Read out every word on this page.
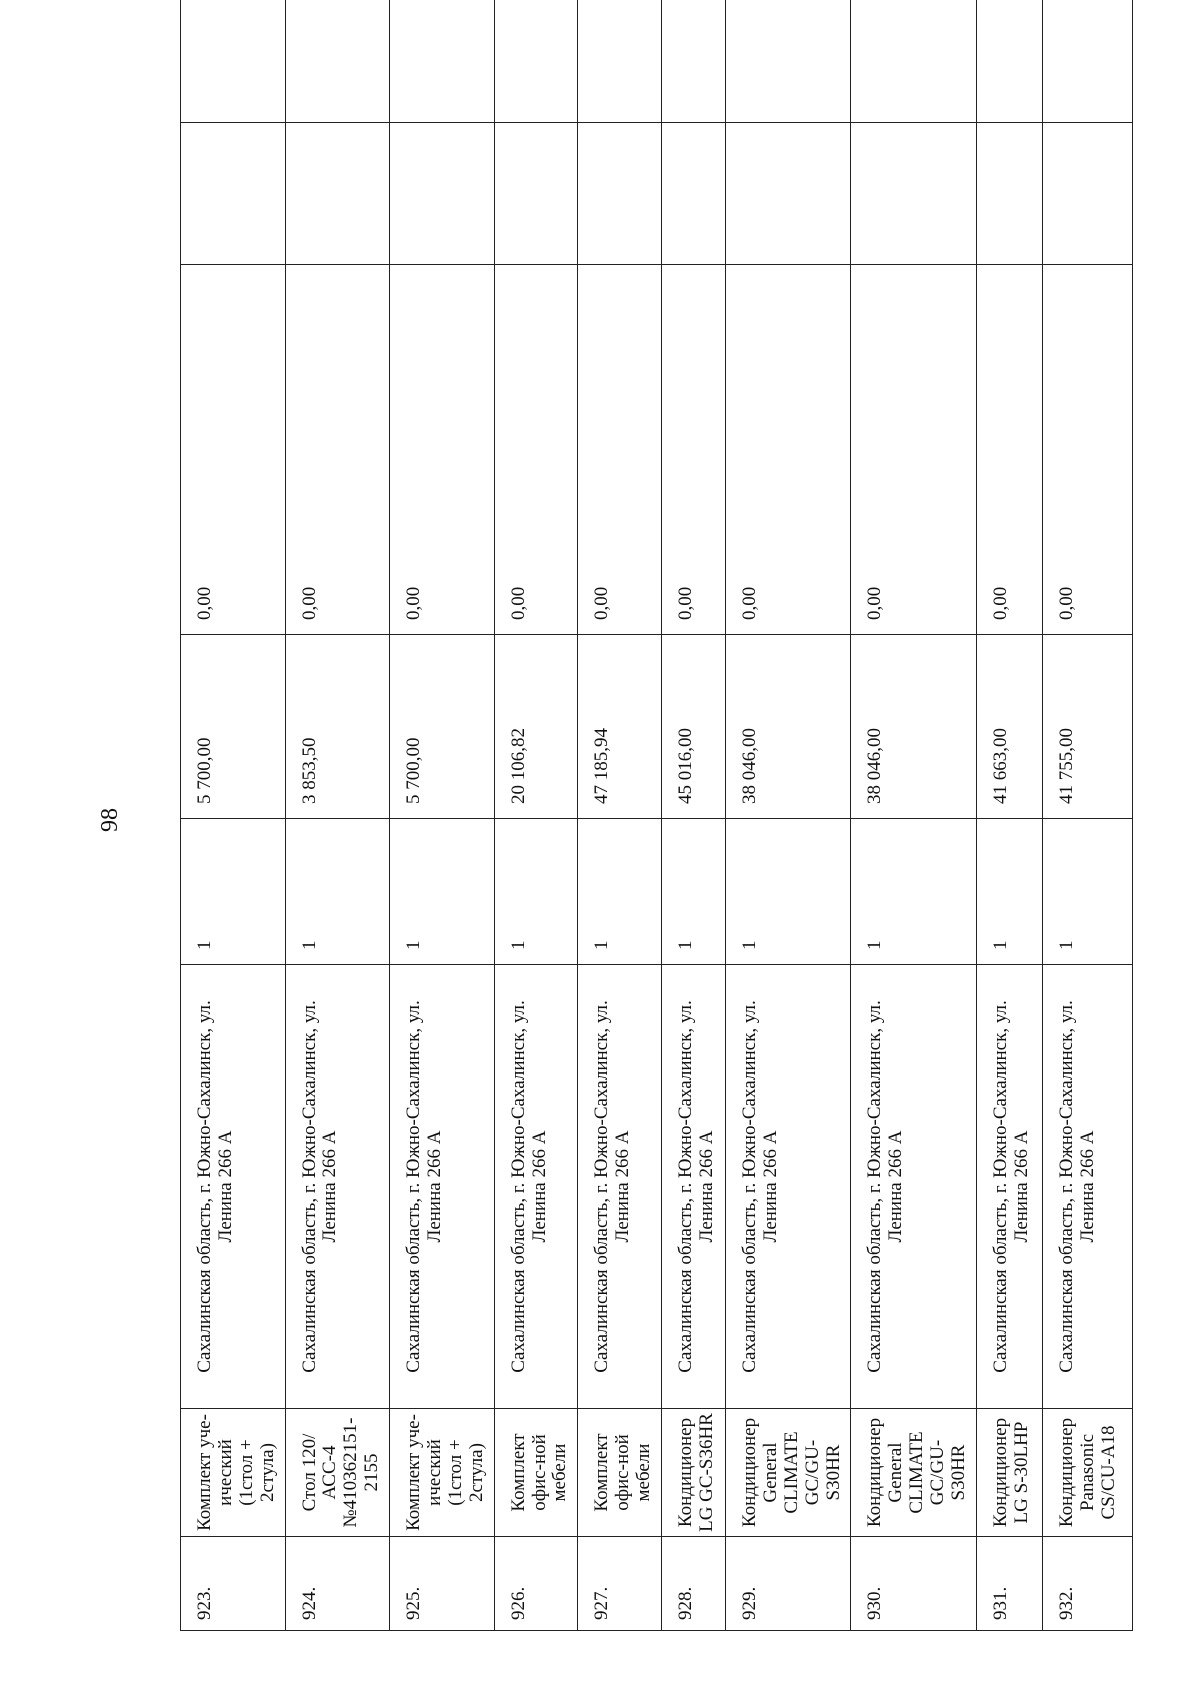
98
923.	Комплект уче-ический (1стол + 2стула)	Сахалинская область, г. Южно-Сахалинск, ул. Ленина 266 А	1	5 700,00	0,00		
924.	Стол 120/АСС-4 №410362151-2155	Сахалинская область, г. Южно-Сахалинск, ул. Ленина 266 А	1	3 853,50	0,00		
925.	Комплект уче-ический (1стол + 2стула)	Сахалинская область, г. Южно-Сахалинск, ул. Ленина 266 А	1	5 700,00	0,00		
926.	Комплект офис-ной мебели	Сахалинская область, г. Южно-Сахалинск, ул. Ленина 266 А	1	20 106,82	0,00		
927.	Комплект офис-ной мебели	Сахалинская область, г. Южно-Сахалинск, ул. Ленина 266 А	1	47 185,94	0,00		
928.	Кондиционер LG GC-S36HR	Сахалинская область, г. Южно-Сахалинск, ул. Ленина 266 А	1	45 016,00	0,00		
929.	Кондиционер General CLIMATE GC/GU-S30HR	Сахалинская область, г. Южно-Сахалинск, ул. Ленина 266 А	1	38 046,00	0,00		
930.	Кондиционер General CLIMATE GC/GU-S30HR	Сахалинская область, г. Южно-Сахалинск, ул. Ленина 266 А	1	38 046,00	0,00		
931.	Кондиционер LG S-30LHP	Сахалинская область, г. Южно-Сахалинск, ул. Ленина 266 А	1	41 663,00	0,00		
932.	Кондиционер Panasonic CS/CU-A18	Сахалинская область, г. Южно-Сахалинск, ул. Ленина 266 А	1	41 755,00	0,00		
